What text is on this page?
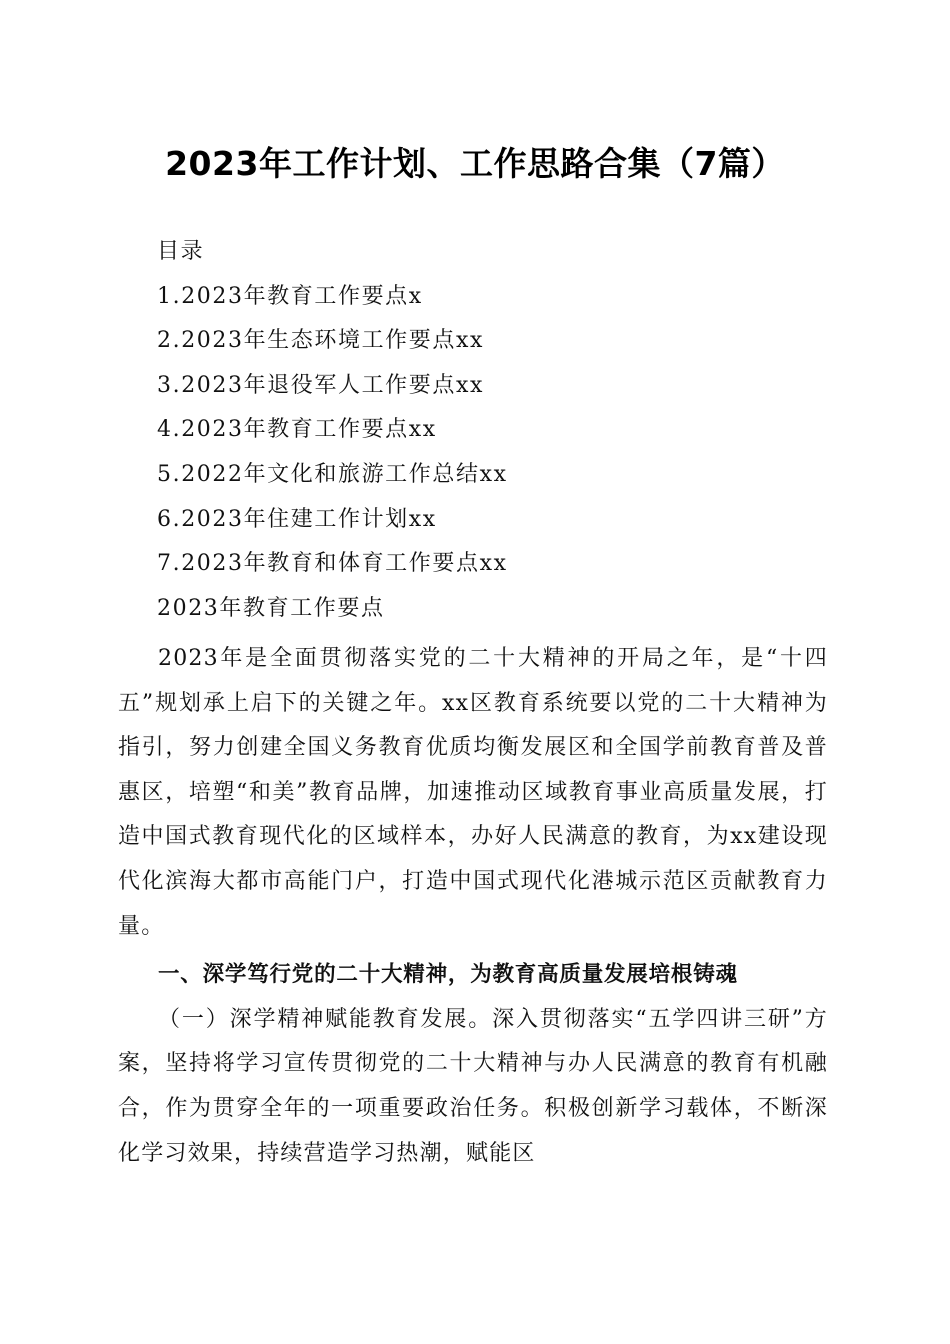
2023年工作计划、工作思路合集（7篇）
目录
1.2023年教育工作要点x
2.2023年生态环境工作要点xx
3.2023年退役军人工作要点xx
4.2023年教育工作要点xx
5.2022年文化和旅游工作总结xx
6.2023年住建工作计划xx
7.2023年教育和体育工作要点xx
2023年教育工作要点

2023年是全面贯彻落实党的二十大精神的开局之年，是“十四五”规划承上启下的关键之年。xx区教育系统要以党的二十大精神为指引，努力创建全国义务教育优质均衡发展区和全国学前教育普及普惠区，培塑“和美”教育品牌，加速推动区域教育事业高质量发展，打造中国式教育现代化的区域样本，办好人民满意的教育，为xx建设现代化滨海大都市高能门户，打造中国式现代化港城示范区贡献教育力量。

一、深学笃行党的二十大精神，为教育高质量发展培根铸魂

（一）深学精神赋能教育发展。深入贯彻落实“五学四讲三研”方案，坚持将学习宣传贯彻党的二十大精神与办人民满意的教育有机融合，作为贯穿全年的一项重要政治任务。积极创新学习载体，不断深化学习效果，持续营造学习热潮，赋能区
